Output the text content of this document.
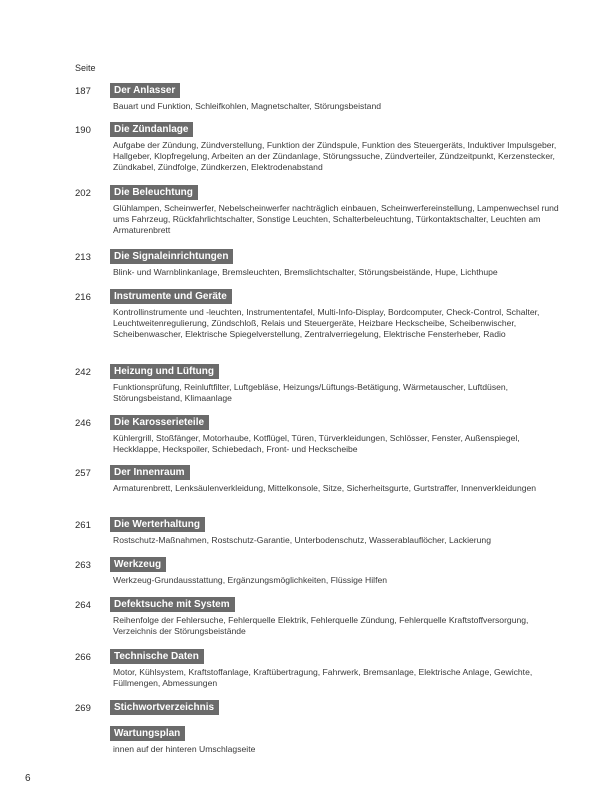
Seite
187	Der Anlasser
Bauart und Funktion, Schleifkohlen, Magnetschalter, Störungsbeistand
190	Die Zündanlage
Aufgabe der Zündung, Zündverstellung, Funktion der Zündspule, Funktion des Steuergeräts, Induktiver Impulsgeber, Hallgeber, Klopfregelung, Arbeiten an der Zündanlage, Störungssuche, Zündverteiler, Zündzeitpunkt, Kerzenstecker, Zündkabel, Zündfolge, Zündkerzen, Elektrodenabstand
202	Die Beleuchtung
Glühlampen, Scheinwerfer, Nebelscheinwerfer nachträglich einbauen, Scheinwerfereinstellung, Lampenwechsel rund ums Fahrzeug, Rückfahrlichtschalter, Sonstige Leuchten, Schalterbeleuchtung, Türkontaktschalter, Leuchten am Armaturenbrett
213	Die Signaleinrichtungen
Blink- und Warnblinkanlage, Bremsleuchten, Bremslichtschalter, Störungsbeistände, Hupe, Lichthupe
216	Instrumente und Geräte
Kontrollinstrumente und -leuchten, Instrumententafel, Multi-Info-Display, Bordcomputer, Check-Control, Schalter, Leuchtweitenregulierung, Zündschloß, Relais und Steuergeräte, Heizbare Heckscheibe, Scheibenwischer, Scheibenwascher, Elektrische Spiegelverstellung, Zentralverriegelung, Elektrische Fensterheber, Radio
242	Heizung und Lüftung
Funktionsprüfung, Reinluftfilter, Luftgebläse, Heizungs/Lüftungs-Betätigung, Wärmetauscher, Luftdüsen, Störungsbeistand, Klimaanlage
246	Die Karosserieteile
Kühlergrill, Stoßfänger, Motorhaube, Kotflügel, Türen, Türverkleidungen, Schlösser, Fenster, Außenspiegel, Heckklappe, Heckspoiler, Schiebedach, Front- und Heckscheibe
257	Der Innenraum
Armaturenbrett, Lenksäulenverkleidung, Mittelkonsole, Sitze, Sicherheitsgurte, Gurtstraffer, Innenverkleidungen
261	Die Werterhaltung
Rostschutz-Maßnahmen, Rostschutz-Garantie, Unterbodenschutz, Wasserablauflöcher, Lackierung
263	Werkzeug
Werkzeug-Grundausstattung, Ergänzungsmöglichkeiten, Flüssige Hilfen
264	Defektsuche mit System
Reihenfolge der Fehlersuche, Fehlerquelle Elektrik, Fehlerquelle Zündung, Fehlerquelle Kraftstoffversorgung, Verzeichnis der Störungsbeistände
266	Technische Daten
Motor, Kühlsystem, Kraftstoffanlage, Kraftübertragung, Fahrwerk, Bremsanlage, Elektrische Anlage, Gewichte, Füllmengen, Abmessungen
269	Stichwortverzeichnis
Wartungsplan
innen auf der hinteren Umschlagseite
6
